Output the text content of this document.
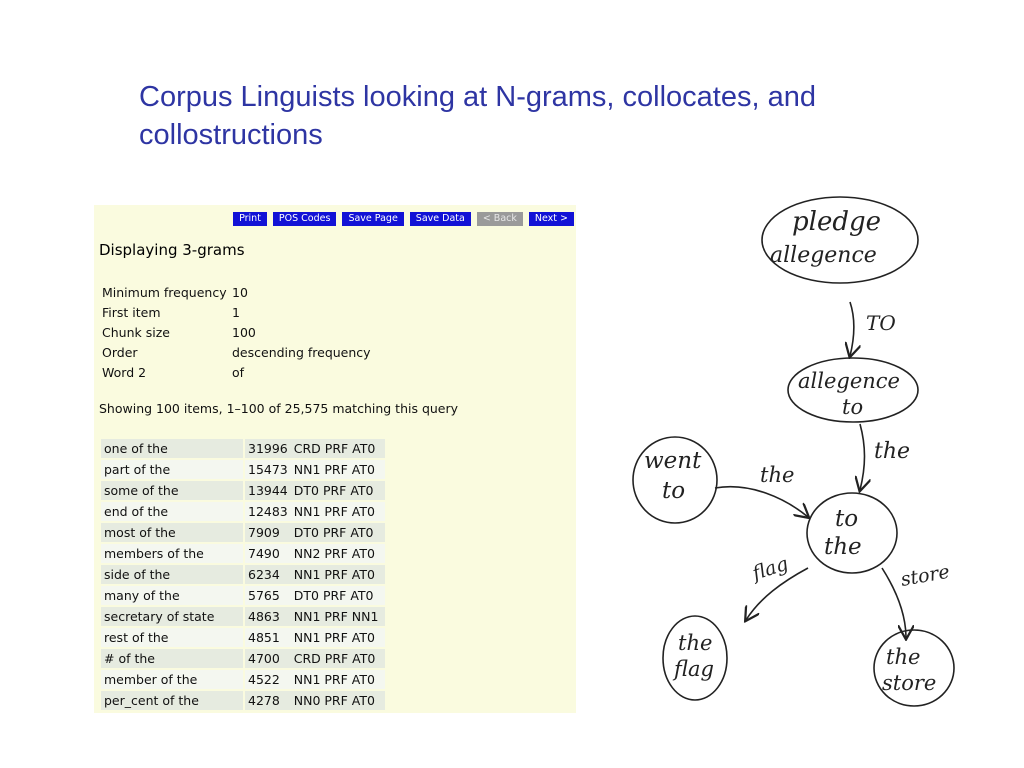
Corpus Linguists looking at N-grams, collocates, and collostructions
Print	POS Codes	Save Page	Save Data	< Back	Next >
Displaying 3-grams
Minimum frequency 10
First item	1
Chunk size	100
Order	descending frequency
Word 2	of
Showing 100 items, 1–100 of 25,575 matching this query
one of the	31996	CRD PRF AT0
part of the	15473	NN1 PRF AT0
some of the	13944	DT0 PRF AT0
end of the	12483	NN1 PRF AT0
most of the	7909	DT0 PRF AT0
members of the	7490	NN2 PRF AT0
side of the	6234	NN1 PRF AT0
many of the	5765	DT0 PRF AT0
secretary of state	4863	NN1 PRF NN1
rest of the	4851	NN1 PRF AT0
# of the	4700	CRD PRF AT0
member of the	4522	NN1 PRF AT0
per_cent of the	4278	NN0 PRF AT0
pledge
allegence
allegence
to
went
to
to
the
the
flag	the
store
TO
the
the
flag	store
